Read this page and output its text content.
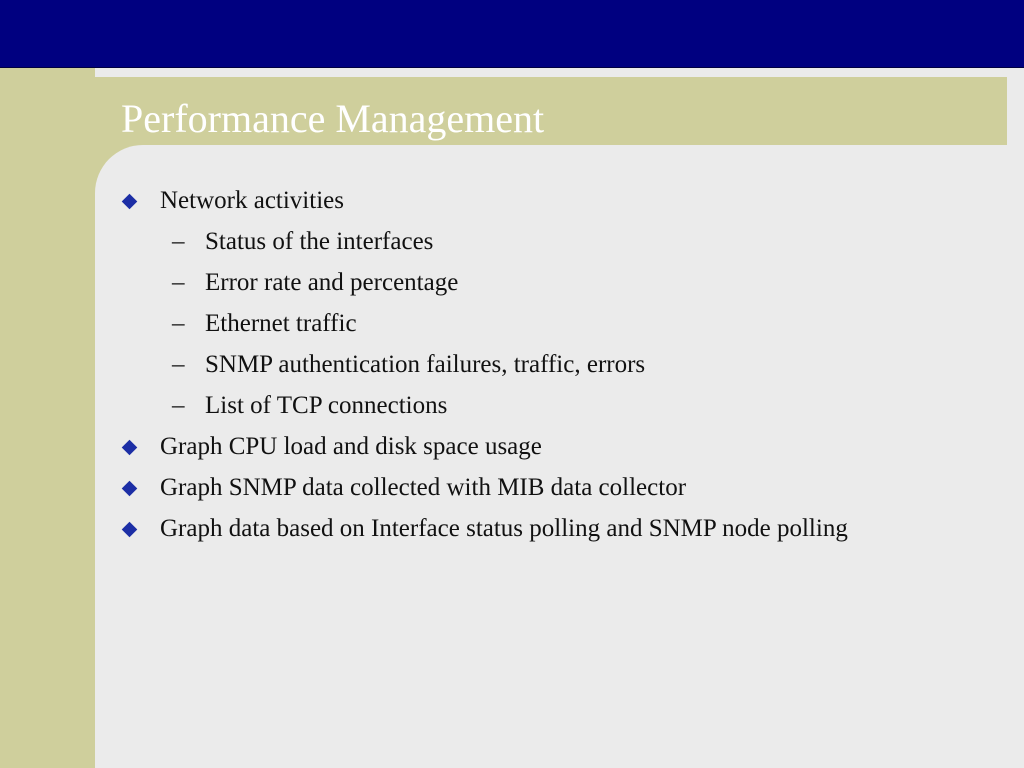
Performance Management
Network activities
– Status of the interfaces
– Error rate and percentage
– Ethernet traffic
– SNMP authentication failures, traffic, errors
– List of TCP connections
Graph CPU load and disk space usage
Graph SNMP data collected with MIB data collector
Graph data based on Interface status polling and SNMP node polling
